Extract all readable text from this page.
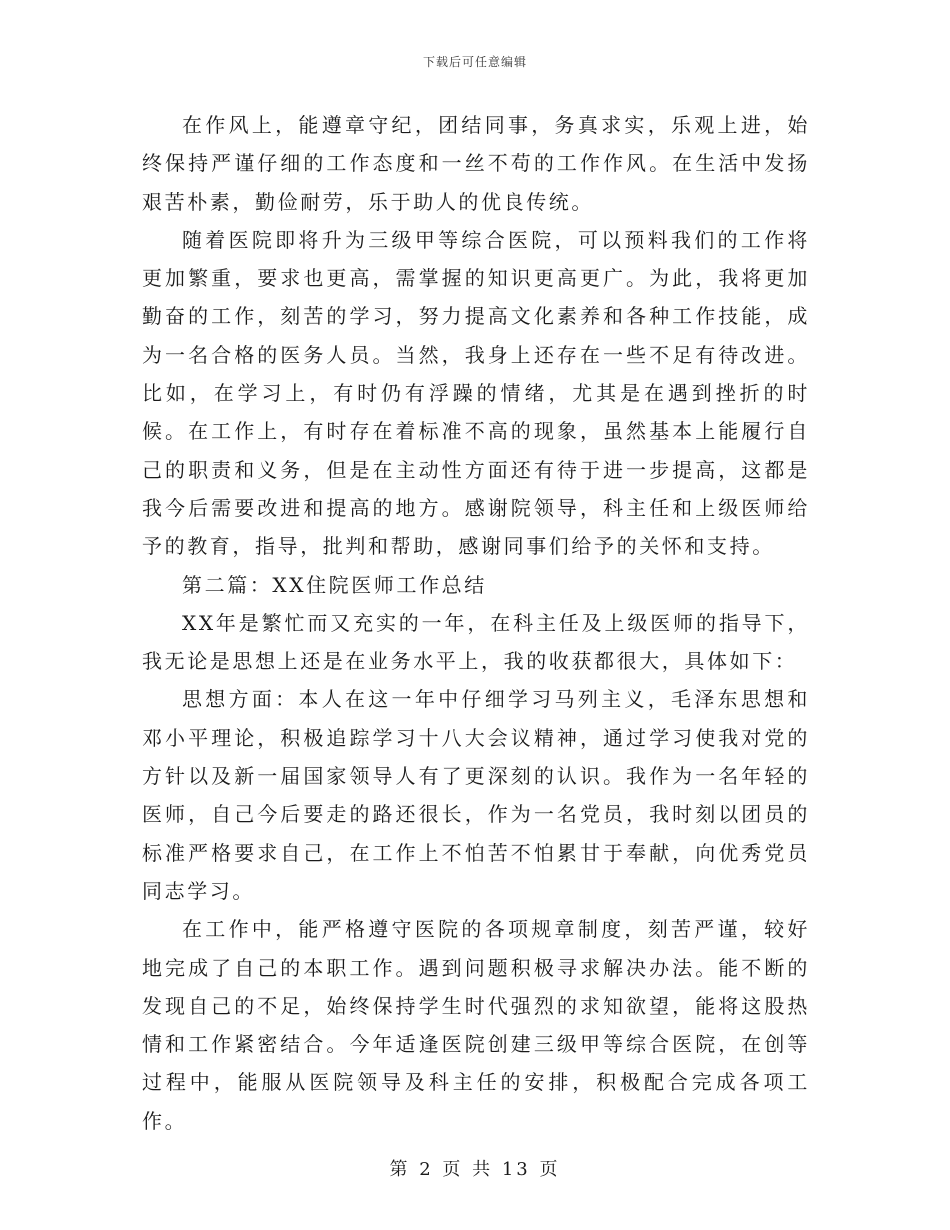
下载后可任意编辑

在作风上，能遵章守纪，团结同事，务真求实，乐观上进，始终保持严谨仔细的工作态度和一丝不苟的工作作风。在生活中发扬艰苦朴素，勤俭耐劳，乐于助人的优良传统。

随着医院即将升为三级甲等综合医院，可以预料我们的工作将更加繁重，要求也更高，需掌握的知识更高更广。为此，我将更加勤奋的工作，刻苦的学习，努力提高文化素养和各种工作技能，成为一名合格的医务人员。当然，我身上还存在一些不足有待改进。比如，在学习上，有时仍有浮躁的情绪，尤其是在遇到挫折的时候。在工作上，有时存在着标准不高的现象，虽然基本上能履行自己的职责和义务，但是在主动性方面还有待于进一步提高，这都是我今后需要改进和提高的地方。感谢院领导，科主任和上级医师给予的教育，指导，批判和帮助，感谢同事们给予的关怀和支持。

第二篇：XX住院医师工作总结

XX年是繁忙而又充实的一年，在科主任及上级医师的指导下，我无论是思想上还是在业务水平上，我的收获都很大，具体如下：

思想方面：本人在这一年中仔细学习马列主义，毛泽东思想和邓小平理论，积极追踪学习十八大会议精神，通过学习使我对党的方针以及新一届国家领导人有了更深刻的认识。我作为一名年轻的医师，自己今后要走的路还很长，作为一名党员，我时刻以团员的标准严格要求自己，在工作上不怕苦不怕累甘于奉献，向优秀党员同志学习。

在工作中，能严格遵守医院的各项规章制度，刻苦严谨，较好地完成了自己的本职工作。遇到问题积极寻求解决办法。能不断的发现自己的不足，始终保持学生时代强烈的求知欲望，能将这股热情和工作紧密结合。今年适逢医院创建三级甲等综合医院，在创等过程中，能服从医院领导及科主任的安排，积极配合完成各项工作。

第 2 页 共 13 页
